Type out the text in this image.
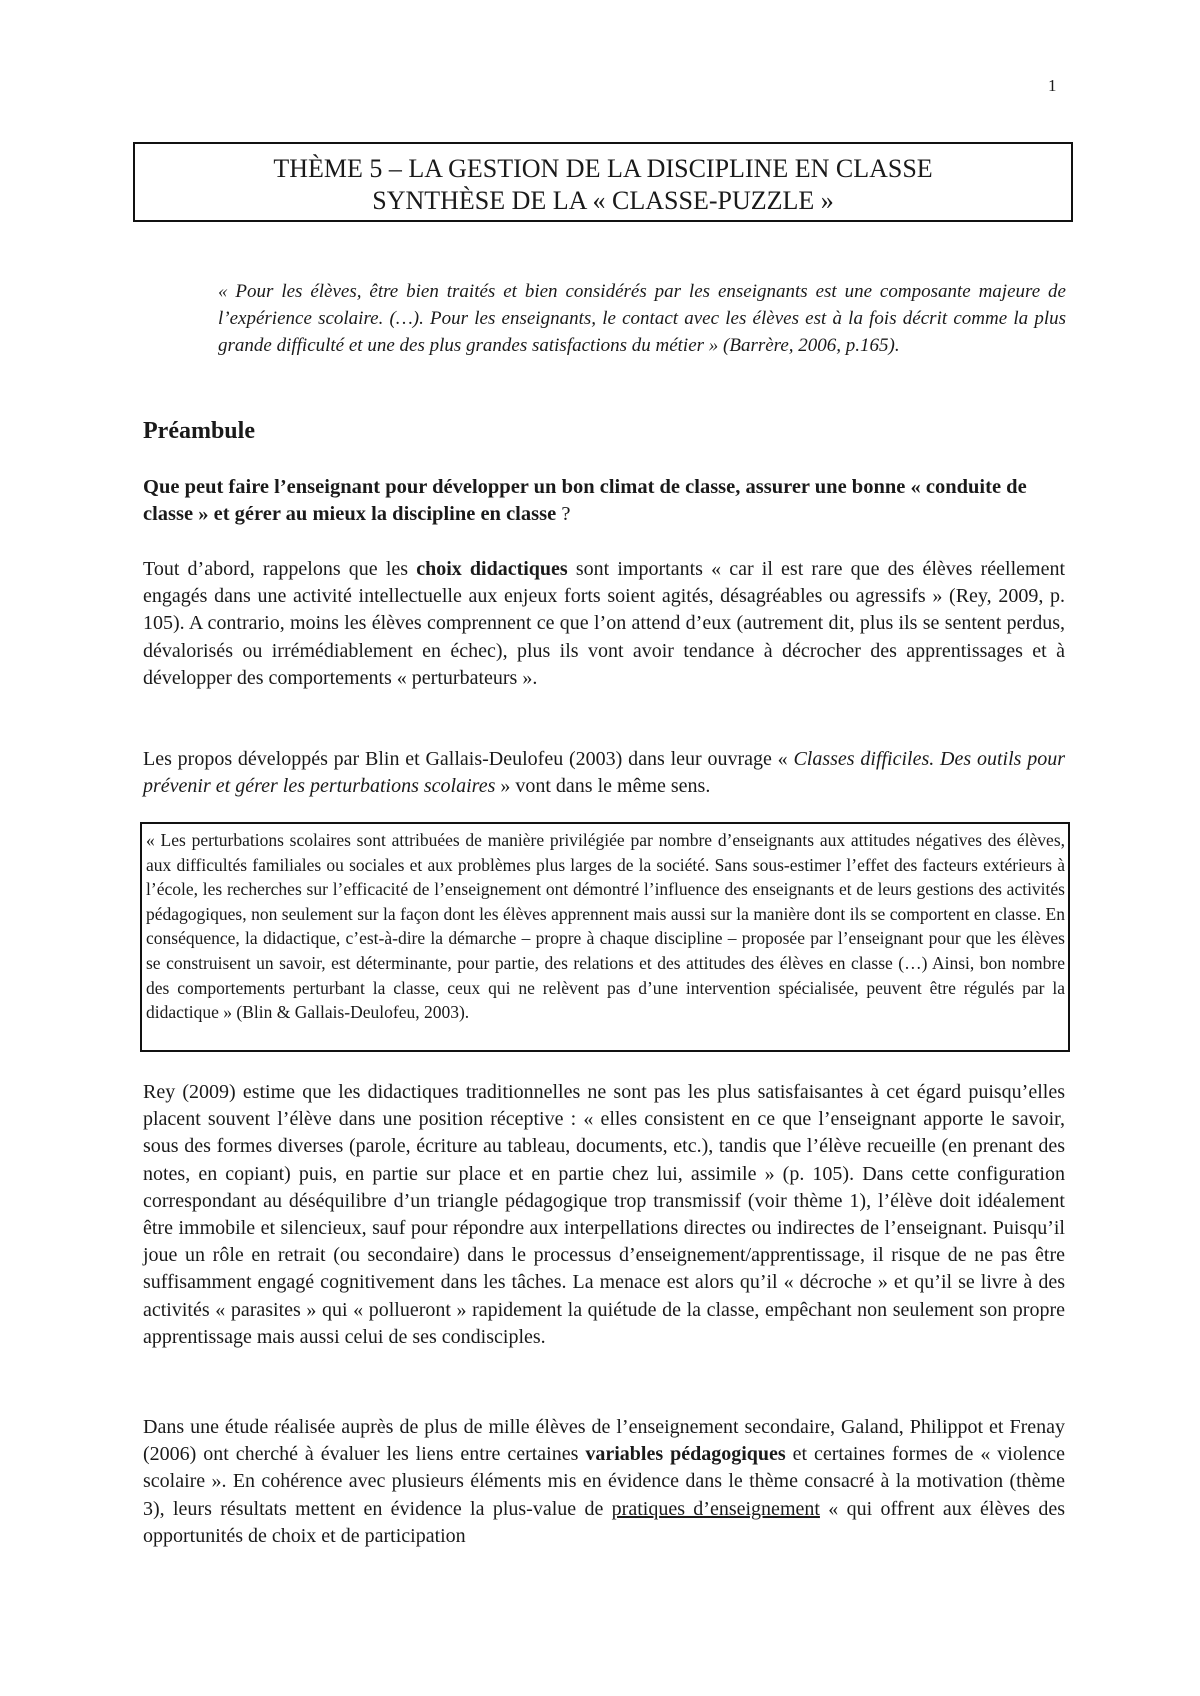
1
THÈME 5 – LA GESTION DE LA DISCIPLINE EN CLASSE
SYNTHÈSE DE LA « CLASSE-PUZZLE »
« Pour les élèves, être bien traités et bien considérés par les enseignants est une composante majeure de l’expérience scolaire. (…). Pour les enseignants, le contact avec les élèves est à la fois décrit comme la plus grande difficulté et une des plus grandes satisfactions du métier » (Barrère, 2006, p.165).
Préambule
Que peut faire l’enseignant pour développer un bon climat de classe, assurer une bonne « conduite de classe » et gérer au mieux la discipline en classe ?
Tout d’abord, rappelons que les choix didactiques sont importants « car il est rare que des élèves réellement engagés dans une activité intellectuelle aux enjeux forts soient agités, désagréables ou agressifs » (Rey, 2009, p. 105). A contrario, moins les élèves comprennent ce que l’on attend d’eux (autrement dit, plus ils se sentent perdus, dévalorisés ou irrémédiablement en échec), plus ils vont avoir tendance à décrocher des apprentissages et à développer des comportements « perturbateurs ».
Les propos développés par Blin et Gallais-Deulofeu (2003) dans leur ouvrage « Classes difficiles. Des outils pour prévenir et gérer les perturbations scolaires » vont dans le même sens.
« Les perturbations scolaires sont attribuées de manière privilégiée par nombre d’enseignants aux attitudes négatives des élèves, aux difficultés familiales ou sociales et aux problèmes plus larges de la société. Sans sous-estimer l’effet des facteurs extérieurs à l’école, les recherches sur l’efficacité de l’enseignement ont démontré l’influence des enseignants et de leurs gestions des activités pédagogiques, non seulement sur la façon dont les élèves apprennent mais aussi sur la manière dont ils se comportent en classe. En conséquence, la didactique, c’est-à-dire la démarche – propre à chaque discipline – proposée par l’enseignant pour que les élèves se construisent un savoir, est déterminante, pour partie, des relations et des attitudes des élèves en classe (…) Ainsi, bon nombre des comportements perturbant la classe, ceux qui ne relèvent pas d’une intervention spécialisée, peuvent être régulés par la didactique » (Blin & Gallais-Deulofeu, 2003).
Rey (2009) estime que les didactiques traditionnelles ne sont pas les plus satisfaisantes à cet égard puisqu’elles placent souvent l’élève dans une position réceptive : « elles consistent en ce que l’enseignant apporte le savoir, sous des formes diverses (parole, écriture au tableau, documents, etc.), tandis que l’élève recueille (en prenant des notes, en copiant) puis, en partie sur place et en partie chez lui, assimile » (p. 105). Dans cette configuration correspondant au déséquilibre d’un triangle pédagogique trop transmissif (voir thème 1), l’élève doit idéalement être immobile et silencieux, sauf pour répondre aux interpellations directes ou indirectes de l’enseignant. Puisqu’il joue un rôle en retrait (ou secondaire) dans le processus d’enseignement/apprentissage, il risque de ne pas être suffisamment engagé cognitivement dans les tâches. La menace est alors qu’il « décroche » et qu’il se livre à des activités « parasites » qui « pollueront » rapidement la quiétude de la classe, empêchant non seulement son propre apprentissage mais aussi celui de ses condisciples.
Dans une étude réalisée auprès de plus de mille élèves de l’enseignement secondaire, Galand, Philippot et Frenay (2006) ont cherché à évaluer les liens entre certaines variables pédagogiques et certaines formes de « violence scolaire ». En cohérence avec plusieurs éléments mis en évidence dans le thème consacré à la motivation (thème 3), leurs résultats mettent en évidence la plus-value de pratiques d’enseignement « qui offrent aux élèves des opportunités de choix et de participation
